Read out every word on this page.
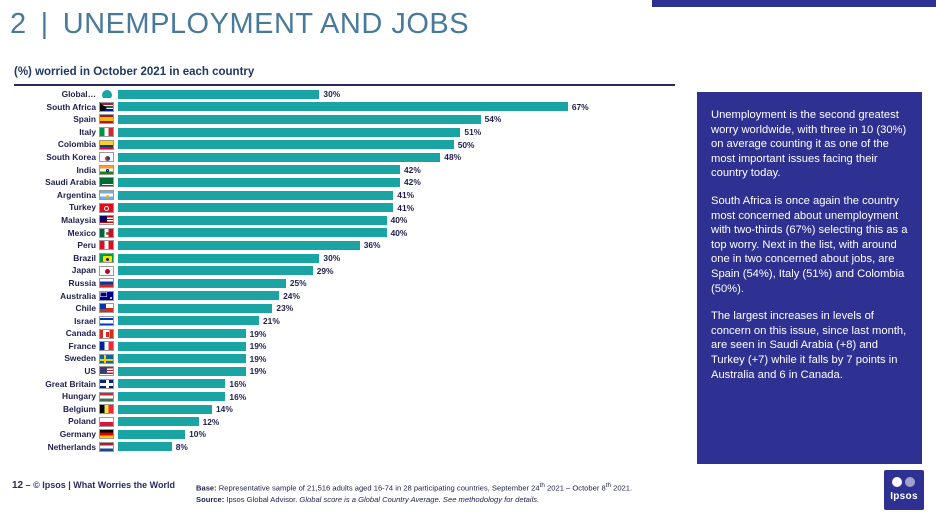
2 | UNEMPLOYMENT AND JOBS
(%) worried in October 2021 in each country
Global…	30%
South Africa	67%
Spain	54%
Italy	51%
Colombia	50%
South Korea	48%
India	42%
Saudi Arabia	42%
Argentina	41%
Turkey	41%
Malaysia	40%
Mexico	40%
Peru	36%
Brazil	30%
Japan	29%
Russia	25%
Australia	24%
Chile	23%
Israel	21%
Canada	19%
France	19%
Sweden	19%
US	19%
Great Britain	16%
Hungary	16%
Belgium	14%
Poland	12%
Germany	10%
Netherlands	8%

Unemployment is the second greatest worry worldwide, with three in 10 (30%) on average counting it as one of the most important issues facing their country today.

South Africa is once again the country most concerned about unemployment with two-thirds (67%) selecting this as a top worry. Next in the list, with around one in two concerned about jobs, are Spain (54%), Italy (51%) and Colombia (50%).

The largest increases in levels of concern on this issue, since last month, are seen in Saudi Arabia (+8) and Turkey (+7) while it falls by 7 points in Australia and 6 in Canada.

12 – © Ipsos | What Worries the World	Base: Representative sample of 21,516 adults aged 16-74 in 28 participating countries, September 24th 2021 – October 8th 2021.
Source: Ipsos Global Advisor. Global score is a Global Country Average. See methodology for details.	Ipsos
